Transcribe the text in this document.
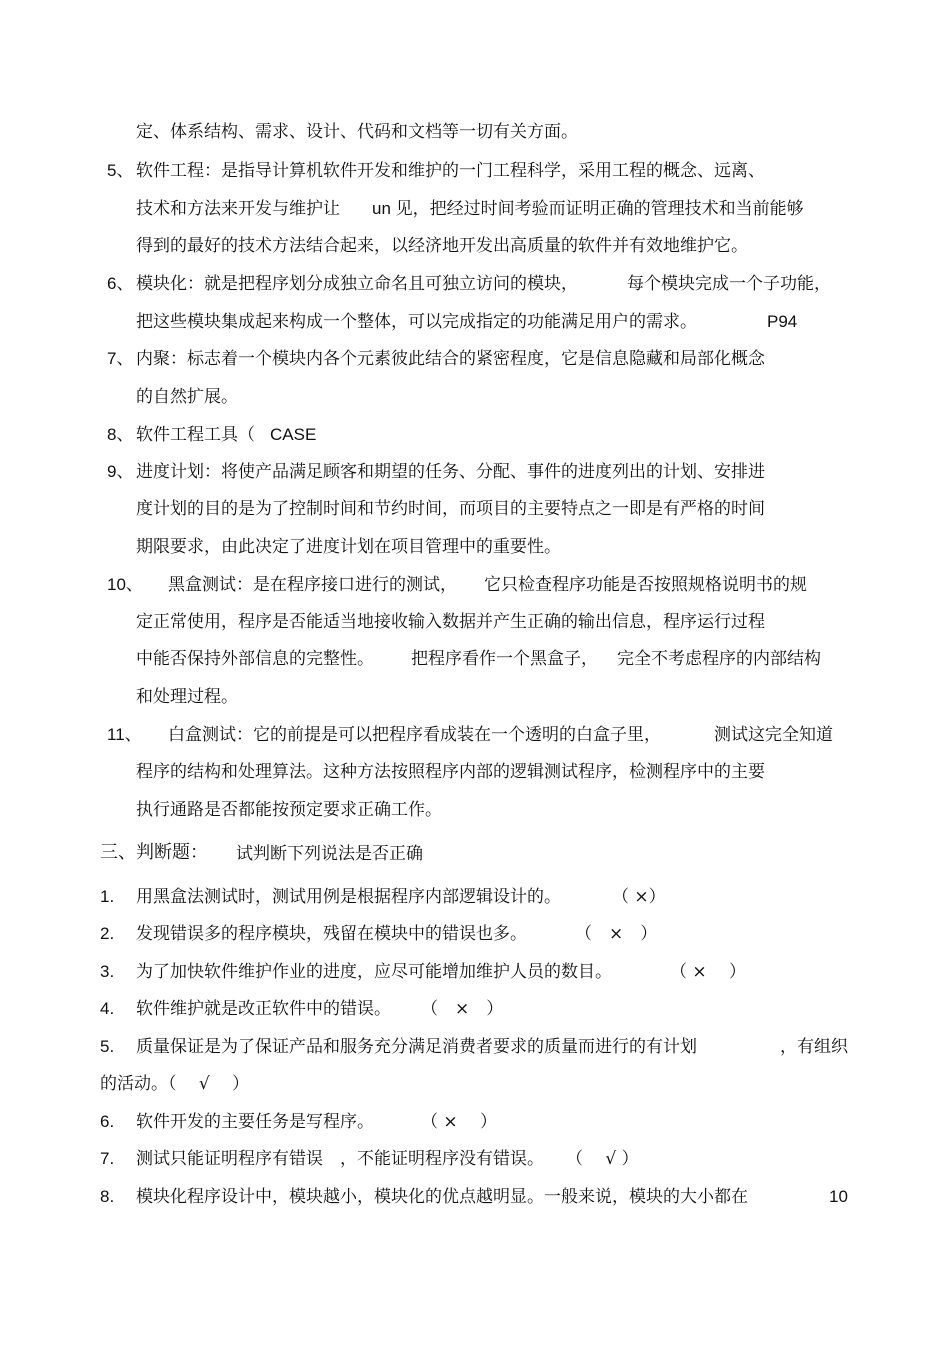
定、体系结构、需求、设计、代码和文档等一切有关方面。
5、 软件工程：是指导计算机软件开发和维护的一门工程科学，采用工程的概念、远离、
技术和方法来开发与维护让 un 见，把经过时间考验而证明正确的管理技术和当前能够
得到的最好的技术方法结合起来，以经济地开发出高质量的软件并有效地维护它。
6、 模块化：就是把程序划分成独立命名且可独立访问的模块，	每个模块完成一个子功能，
把这些模块集成起来构成一个整体，可以完成指定的功能满足用户的需求。	P94
7、 内聚：标志着一个模块内各个元素彼此结合的紧密程度，它是信息隐藏和局部化概念
的自然扩展。
8、 软件工程工具（ CASE
9、 进度计划：将使产品满足顾客和期望的任务、分配、事件的进度列出的计划、安排进
度计划的目的是为了控制时间和节约时间，而项目的主要特点之一即是有严格的时间
期限要求，由此决定了进度计划在项目管理中的重要性。
10、 黑盒测试：是在程序接口进行的测试， 它只检查程序功能是否按照规格说明书的规
定正常使用，程序是否能适当地接收输入数据并产生正确的输出信息，程序运行过程
中能否保持外部信息的完整性。 把程序看作一个黑盒子， 完全不考虑程序的内部结构
和处理过程。
11、 白盒测试：它的前提是可以把程序看成装在一个透明的白盒子里，	测试这完全知道
程序的结构和处理算法。这种方法按照程序内部的逻辑测试程序，检测程序中的主要
执行通路是否都能按预定要求正确工作。
三、判断题： 试判断下列说法是否正确
1. 用黑盒法测试时，测试用例是根据程序内部逻辑设计的。	（ ×）
2. 发现错误多的程序模块，残留在模块中的错误也多。	（　×　）
3. 为了加快软件维护作业的进度，应尽可能增加维护人员的数目。	（ ×　 ）
4. 软件维护就是改正软件中的错误。 （　×　）
5. 质量保证是为了保证产品和服务充分满足消费者要求的质量而进行的有计划	，有组织
的活动。（　 √　 ）
6. 软件开发的主要任务是写程序。	（ ×　 ）
7. 测试只能证明程序有错误 ，不能证明程序没有错误。 （　 √ ）
8. 模块化程序设计中，模块越小，模块化的优点越明显。一般来说，模块的大小都在	10
